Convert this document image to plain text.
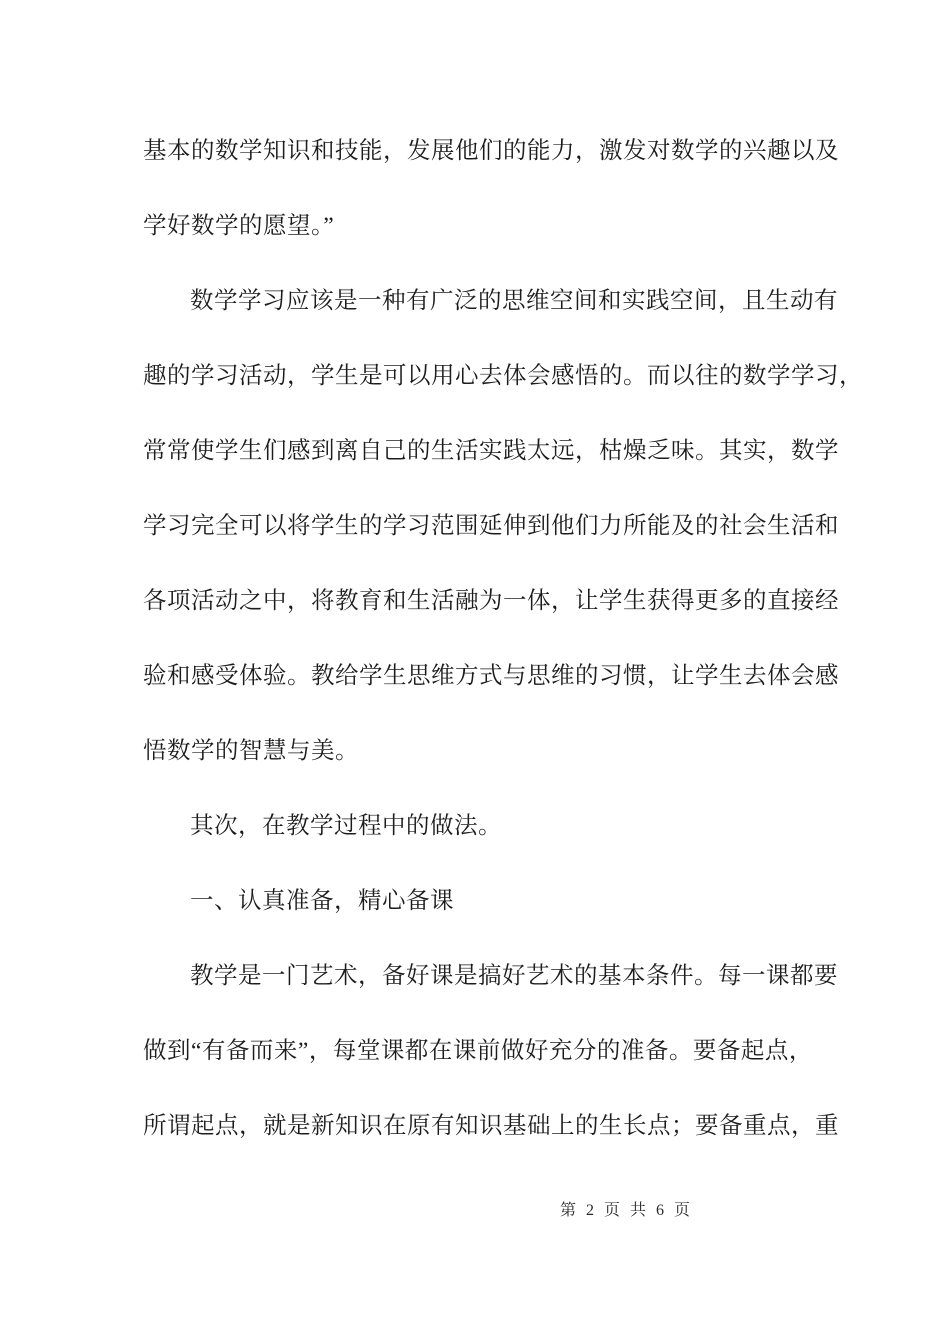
基本的数学知识和技能，发展他们的能力，激发对数学的兴趣以及
学好数学的愿望。”
数学学习应该是一种有广泛的思维空间和实践空间，且生动有
趣的学习活动，学生是可以用心去体会感悟的。而以往的数学学习，
常常使学生们感到离自己的生活实践太远，枯燥乏味。其实，数学
学习完全可以将学生的学习范围延伸到他们力所能及的社会生活和
各项活动之中，将教育和生活融为一体，让学生获得更多的直接经
验和感受体验。教给学生思维方式与思维的习惯，让学生去体会感
悟数学的智慧与美。
其次，在教学过程中的做法。
一、认真准备，精心备课
教学是一门艺术，备好课是搞好艺术的基本条件。每一课都要
做到“有备而来”，每堂课都在课前做好充分的准备。要备起点，
所谓起点，就是新知识在原有知识基础上的生长点；要备重点，重
第 2 页 共 6 页
